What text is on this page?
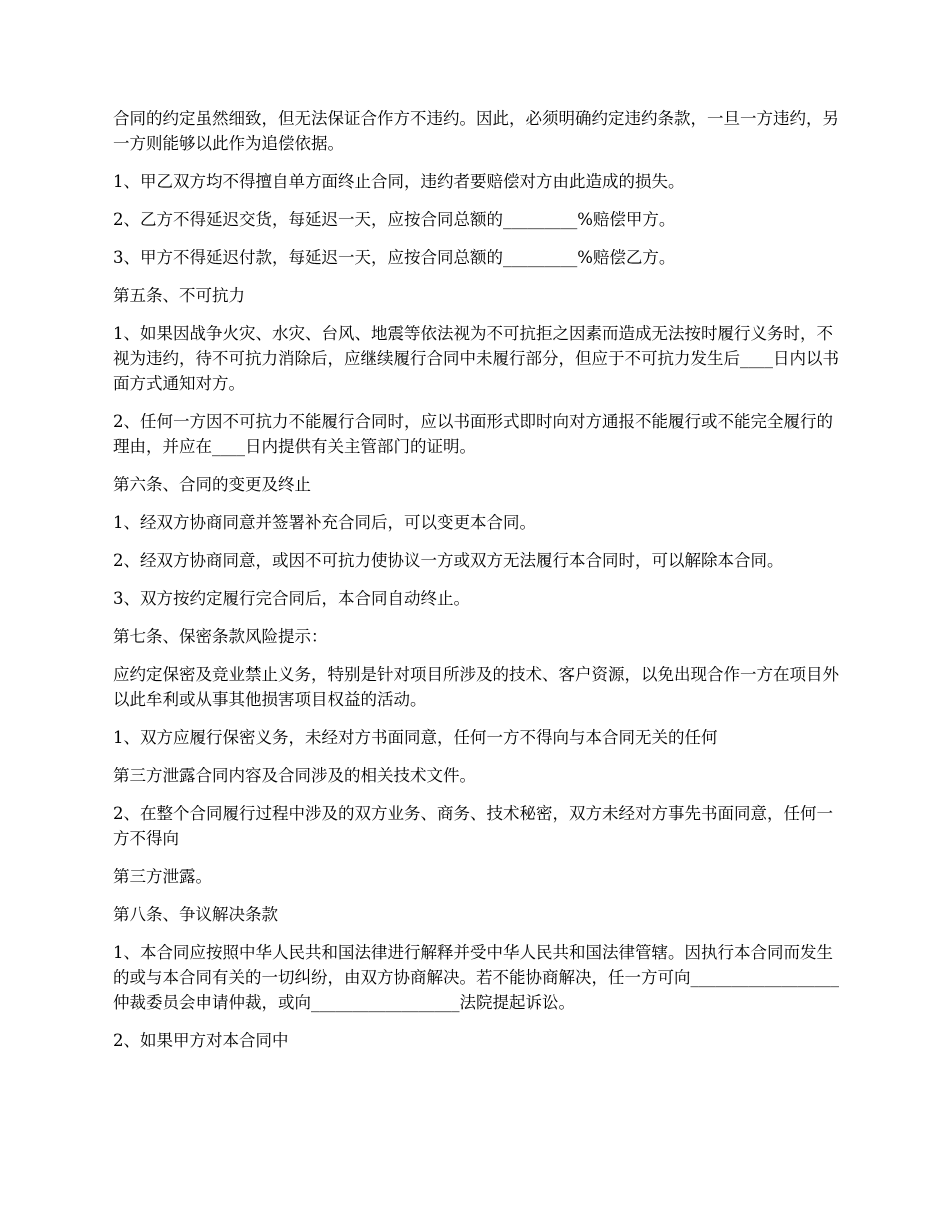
合同的约定虽然细致，但无法保证合作方不违约。因此，必须明确约定违约条款，一旦一方违约，另一方则能够以此作为追偿依据。

1、甲乙双方均不得擅自单方面终止合同，违约者要赔偿对方由此造成的损失。

2、乙方不得延迟交货，每延迟一天，应按合同总额的_________%赔偿甲方。

3、甲方不得延迟付款，每延迟一天，应按合同总额的_________%赔偿乙方。

第五条、不可抗力

1、如果因战争火灾、水灾、台风、地震等依法视为不可抗拒之因素而造成无法按时履行义务时，不视为违约，待不可抗力消除后，应继续履行合同中未履行部分，但应于不可抗力发生后____日内以书面方式通知对方。

2、任何一方因不可抗力不能履行合同时，应以书面形式即时向对方通报不能履行或不能完全履行的理由，并应在____日内提供有关主管部门的证明。

第六条、合同的变更及终止

1、经双方协商同意并签署补充合同后，可以变更本合同。

2、经双方协商同意，或因不可抗力使协议一方或双方无法履行本合同时，可以解除本合同。

3、双方按约定履行完合同后，本合同自动终止。

第七条、保密条款风险提示：

应约定保密及竞业禁止义务，特别是针对项目所涉及的技术、客户资源，以免出现合作一方在项目外以此牟利或从事其他损害项目权益的活动。

1、双方应履行保密义务，未经对方书面同意，任何一方不得向与本合同无关的任何

第三方泄露合同内容及合同涉及的相关技术文件。

2、在整个合同履行过程中涉及的双方业务、商务、技术秘密，双方未经对方事先书面同意，任何一方不得向

第三方泄露。

第八条、争议解决条款

1、本合同应按照中华人民共和国法律进行解释并受中华人民共和国法律管辖。因执行本合同而发生的或与本合同有关的一切纠纷，由双方协商解决。若不能协商解决，任一方可向__________________仲裁委员会申请仲裁，或向__________________法院提起诉讼。

2、如果甲方对本合同中
